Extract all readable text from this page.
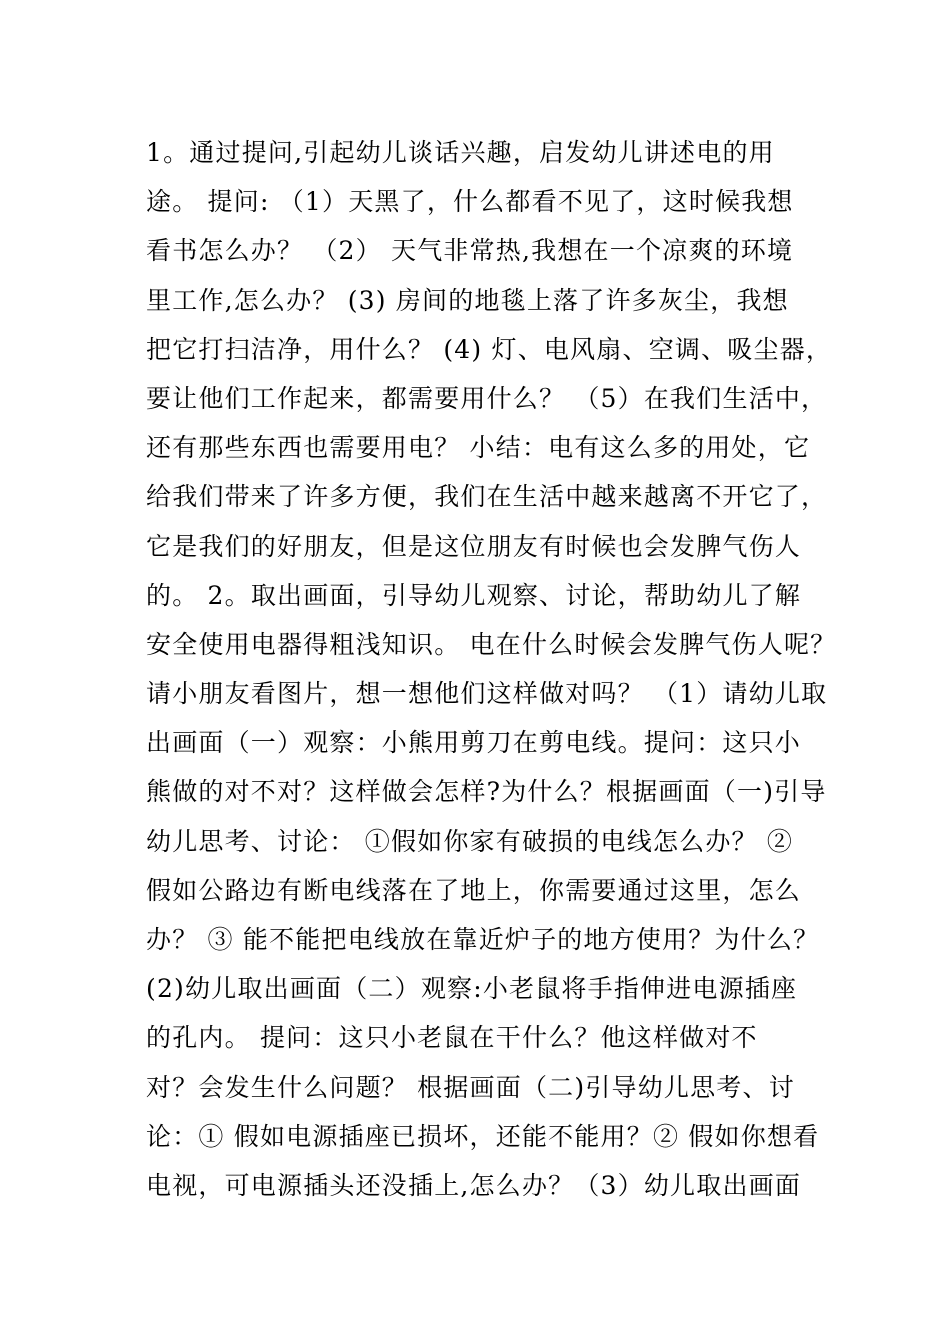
1。通过提问,引起幼儿谈话兴趣，启发幼儿讲述电的用
途。 提问: （1）天黑了，什么都看不见了，这时候我想
看书怎么办？ （2） 天气非常热,我想在一个凉爽的环境
里工作,怎么办？ (3) 房间的地毯上落了许多灰尘，我想
把它打扫洁净，用什么？ (4) 灯、电风扇、空调、吸尘器，
要让他们工作起来，都需要用什么？ （5）在我们生活中，
还有那些东西也需要用电？ 小结：电有这么多的用处，它
给我们带来了许多方便，我们在生活中越来越离不开它了，
它是我们的好朋友，但是这位朋友有时候也会发脾气伤人
的。 2。取出画面，引导幼儿观察、讨论，帮助幼儿了解
安全使用电器得粗浅知识。 电在什么时候会发脾气伤人呢？
请小朋友看图片，想一想他们这样做对吗？ （1）请幼儿取
出画面（一）观察：小熊用剪刀在剪电线。提问：这只小
熊做的对不对？这样做会怎样?为什么？根据画面（一)引导
幼儿思考、讨论： ①假如你家有破损的电线怎么办？ ②
假如公路边有断电线落在了地上，你需要通过这里，怎么
办？ ③ 能不能把电线放在靠近炉子的地方使用？为什么？
(2)幼儿取出画面（二）观察:小老鼠将手指伸进电源插座
的孔内。 提问：这只小老鼠在干什么？他这样做对不
对？会发生什么问题？ 根据画面（二)引导幼儿思考、讨
论：① 假如电源插座已损坏，还能不能用？② 假如你想看
电视，可电源插头还没插上,怎么办？（3）幼儿取出画面
